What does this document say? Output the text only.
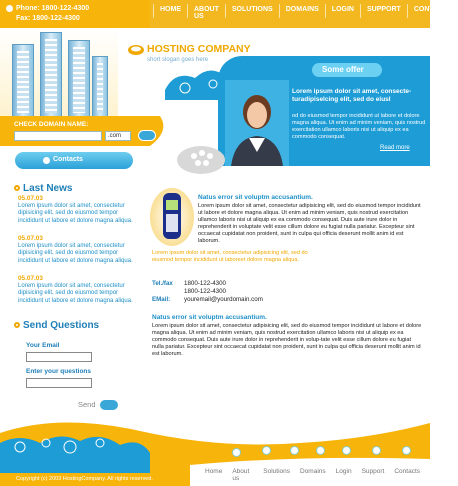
Phone: 1800-122-4300
Fax: 1800-122-4300
HOME	ABOUT US
SOLUTIONS	DOMAINS	LOGIN	SUPPORT	CONTACTS
CHECK DOMAIN NAME:
.com
HOSTING COMPANY
short slogan goes here
Some offer
Lorem ipsum dolor sit amet, consecte-turadipiselcing elit, sed do eiusl
od do eiusmod tempor incididunt ut labore et dolore magna aliqua. Ut enim ad minim veniam, quis nostrud exercitation ullamco laboris nisi ut aliquip ex ea commodo consequat.
Read more
Contacts
Last News
05.07.03
Lorem ipsum dolor sit amet, consectetur dipisicing elit, sed do eiusmod tempor incididunt ut labore et dolore magna aliqua.
05.07.03
Lorem ipsum dolor sit amet, consectetur dipisicing elit, sed do eiusmod tempor incididunt ut labore et dolore magna aliqua.
05.07.03
Lorem ipsum dolor sit amet, consectetur dipisicing elit, sed do eiusmod tempor incididunt ut labore et dolore magna aliqua.
Send Questions
Your Email
Enter your questions
Send
Natus error sit voluptm accusantium.
Lorem ipsum dolor sit amet, consectetur adipisicing elit, sed do eiusmod tempor incididunt ut labore et dolore magna aliqua. Ut enim ad minim veniam, quis nostrud exercitation ullamco laboris nisi ut aliquip ex ea commodo consequat. Duis aute irure dolor in reprehenderit in voluptate velit esse cillum dolore eu fugiat nulla pariatur. Excepteur sint occaecat cupidatat non proident, sunt in culpa qui officia deserunt mollit anim id est laborum.
Lorem ipsum dolor sit amet, consectetur adipisicing elit, sed do eiusmod tempor incididunt ut laboreet dolore magna aliqua.
Tel./fax 1800-122-4300
1800-122-4300
EMail: youremail@yourdomain.com
Natus error sit voluptm accusantium.
Lorem ipsum dolor sit amet, consectetur adipisicing elit, sed do eiusmod tempor incididunt ut labore et dolore magna aliqua. Ut enim ad minim veniam, quis nostrud exercitation ullamco laboris nisi ut aliquip ex ea commodo consequat. Duis aute irure dolor in reprehenderit in volup-tate velit esse cillum dolore eu fugiat nulla pariatur. Excepteur sint occaecat cupidatat non proident, sunt in culpa qui officia deserunt mollit anim id est laborum.
Home About us
Solutions Domains Login Support Contacts
Copyright (c) 2003 HostingCompany. All rights reserved.
